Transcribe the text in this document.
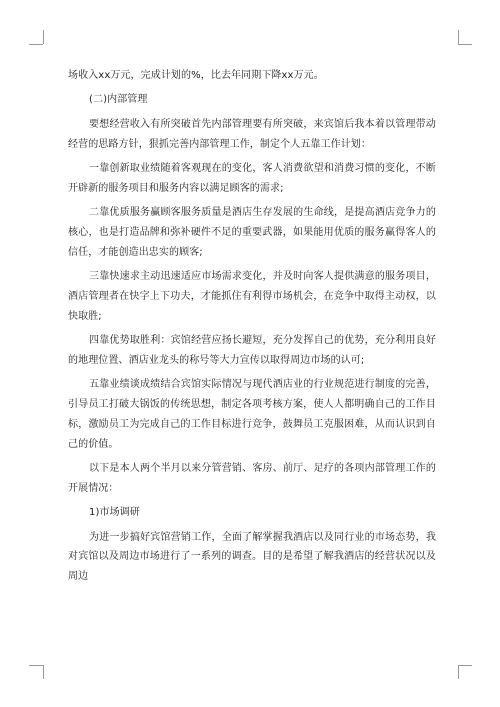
场收入xx万元，完成计划的%，比去年同期下降xx万元。

(二)内部管理

要想经营收入有所突破首先内部管理要有所突破，来宾馆后我本着以管理带动经营的思路方针，狠抓完善内部管理工作，制定个人五靠工作计划：

一靠创新取业绩随着客观现在的变化，客人消费欲望和消费习惯的变化，不断开辟新的服务项目和服务内容以满足顾客的需求;

二靠优质服务赢顾客服务质量是酒店生存发展的生命线，是提高酒店竞争力的核心，也是打造品牌和弥补硬件不足的重要武器，如果能用优质的服务赢得客人的信任，才能创造出忠实的顾客;

三靠快速求主动迅速适应市场需求变化，并及时向客人提供满意的服务项目，酒店管理者在快字上下功夫，才能抓住有利得市场机会，在竞争中取得主动权，以快取胜;

四靠优势取胜利：宾馆经营应扬长避短，充分发挥自己的优势，充分利用良好的地理位置、酒店业龙头的称号等大力宣传以取得周边市场的认可;

五靠业绩谈成绩结合宾馆实际情况与现代酒店业的行业规范进行制度的完善，引导员工打破大锅饭的传统思想，制定各项考核方案，使人人都明确自己的工作目标，激励员工为完成自己的工作目标进行竞争，鼓舞员工克服困难，从而认识到自己的价值。

以下是本人两个半月以来分管营销、客房、前厅、足疗的各项内部管理工作的开展情况：

1)市场调研

为进一步搞好宾馆营销工作，全面了解掌握我酒店以及同行业的市场态势，我对宾馆以及周边市场进行了一系列的调查。目的是希望了解我酒店的经营状况以及周边
